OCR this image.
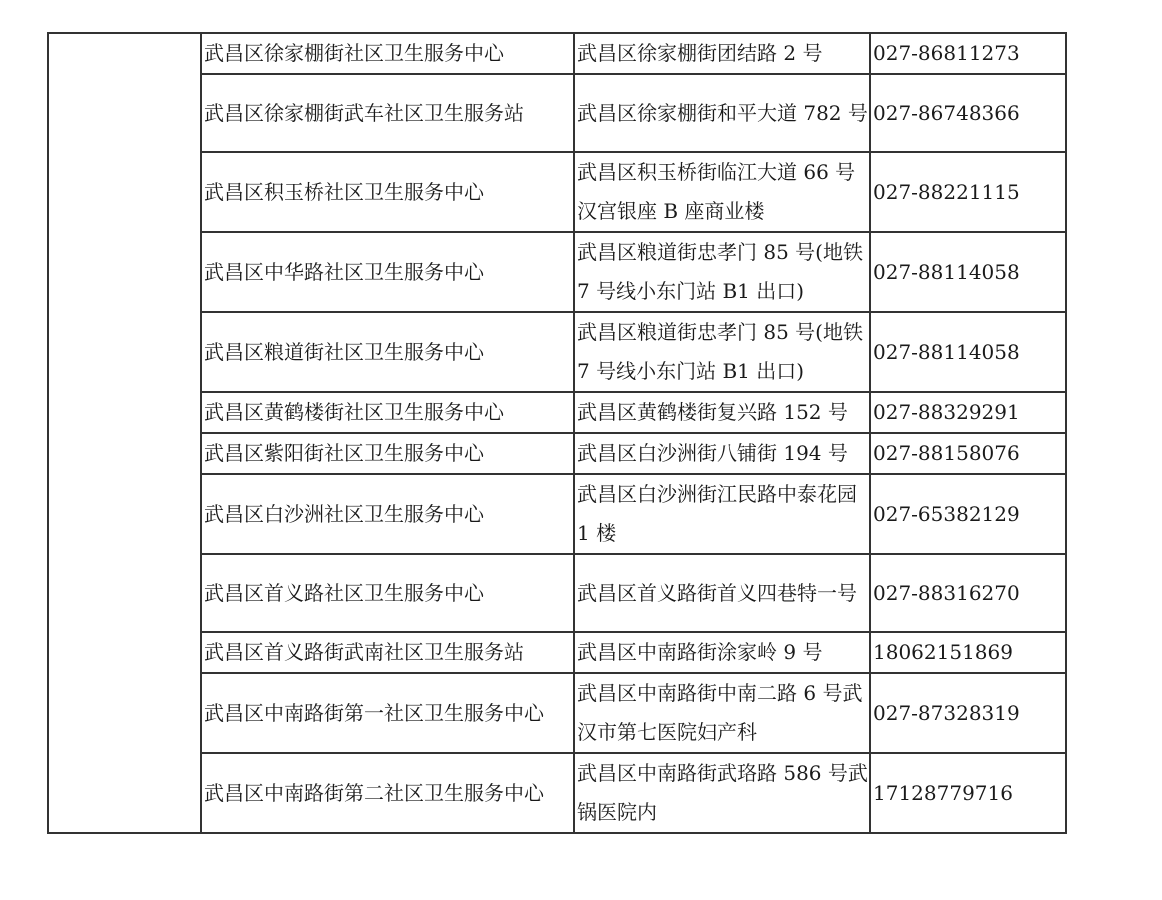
	武昌区徐家棚街社区卫生服务中心	武昌区徐家棚街团结路 2 号	027-86811273
	武昌区徐家棚街武车社区卫生服务站	武昌区徐家棚街和平大道 782 号	027-86748366
	武昌区积玉桥社区卫生服务中心	武昌区积玉桥街临江大道 66 号汉宫银座 B 座商业楼	027-88221115
	武昌区中华路社区卫生服务中心	武昌区粮道街忠孝门 85 号(地铁 7 号线小东门站 B1 出口)	027-88114058
	武昌区粮道街社区卫生服务中心	武昌区粮道街忠孝门 85 号(地铁 7 号线小东门站 B1 出口)	027-88114058
	武昌区黄鹤楼街社区卫生服务中心	武昌区黄鹤楼街复兴路 152 号	027-88329291
	武昌区紫阳街社区卫生服务中心	武昌区白沙洲街八铺街 194 号	027-88158076
	武昌区白沙洲社区卫生服务中心	武昌区白沙洲街江民路中泰花园 1 楼	027-65382129
	武昌区首义路社区卫生服务中心	武昌区首义路街首义四巷特一号	027-88316270
	武昌区首义路街武南社区卫生服务站	武昌区中南路街涂家岭 9 号	18062151869
	武昌区中南路街第一社区卫生服务中心	武昌区中南路街中南二路 6 号武汉市第七医院妇产科	027-87328319
	武昌区中南路街第二社区卫生服务中心	武昌区中南路街武珞路 586 号武锅医院内	17128779716
